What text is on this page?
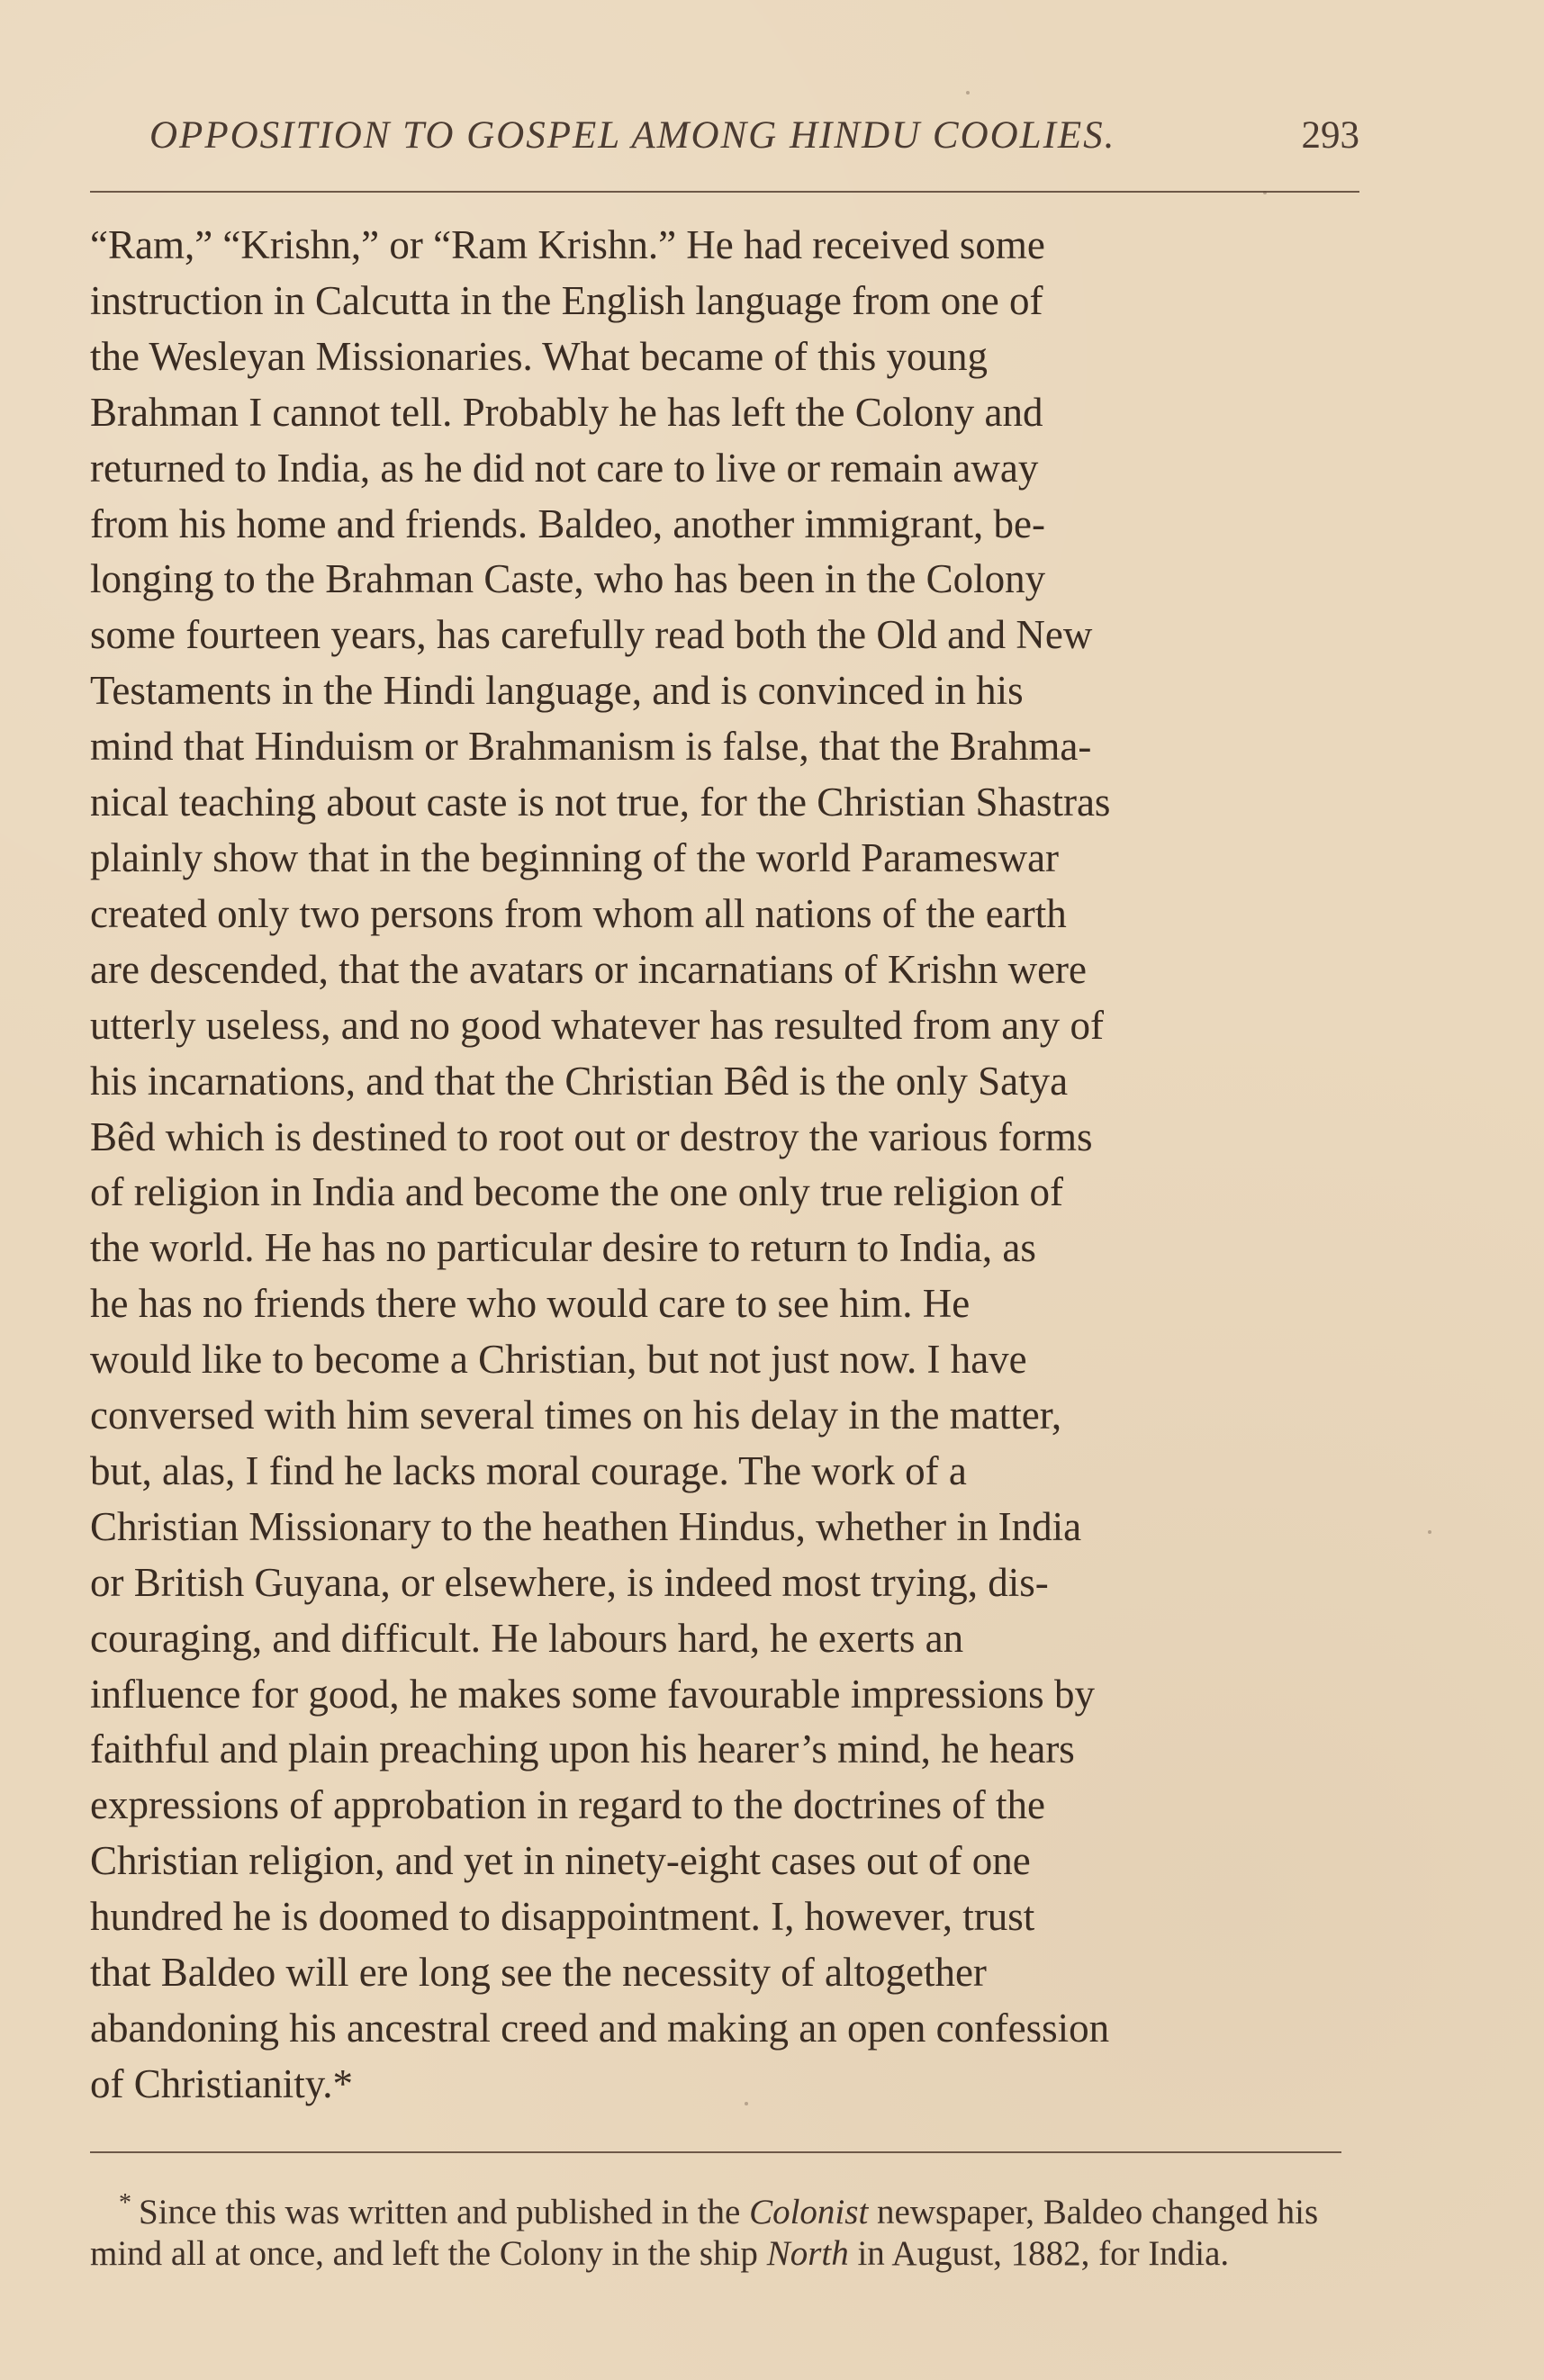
OPPOSITION TO GOSPEL AMONG HINDU COOLIES.	293

“Ram,” “Krishn,” or “Ram Krishn.” He had received some
instruction in Calcutta in the English language from one of
the Wesleyan Missionaries. What became of this young
Brahman I cannot tell. Probably he has left the Colony and
returned to India, as he did not care to live or remain away
from his home and friends. Baldeo, another immigrant, be-
longing to the Brahman Caste, who has been in the Colony
some fourteen years, has carefully read both the Old and New
Testaments in the Hindi language, and is convinced in his
mind that Hinduism or Brahmanism is false, that the Brahma-
nical teaching about caste is not true, for the Christian Shastras
plainly show that in the beginning of the world Parameswar
created only two persons from whom all nations of the earth
are descended, that the avatars or incarnatians of Krishn were
utterly useless, and no good whatever has resulted from any of
his incarnations, and that the Christian Bêd is the only Satya
Bêd which is destined to root out or destroy the various forms
of religion in India and become the one only true religion of
the world. He has no particular desire to return to India, as
he has no friends there who would care to see him. He
would like to become a Christian, but not just now. I have
conversed with him several times on his delay in the matter,
but, alas, I find he lacks moral courage. The work of a
Christian Missionary to the heathen Hindus, whether in India
or British Guyana, or elsewhere, is indeed most trying, dis-
couraging, and difficult. He labours hard, he exerts an
influence for good, he makes some favourable impressions by
faithful and plain preaching upon his hearer’s mind, he hears
expressions of approbation in regard to the doctrines of the
Christian religion, and yet in ninety-eight cases out of one
hundred he is doomed to disappointment. I, however, trust
that Baldeo will ere long see the necessity of altogether
abandoning his ancestral creed and making an open confession
of Christianity.*

* Since this was written and published in the Colonist newspaper, Baldeo changed his mind all at once, and left the Colony in the ship North in August, 1882, for India.
